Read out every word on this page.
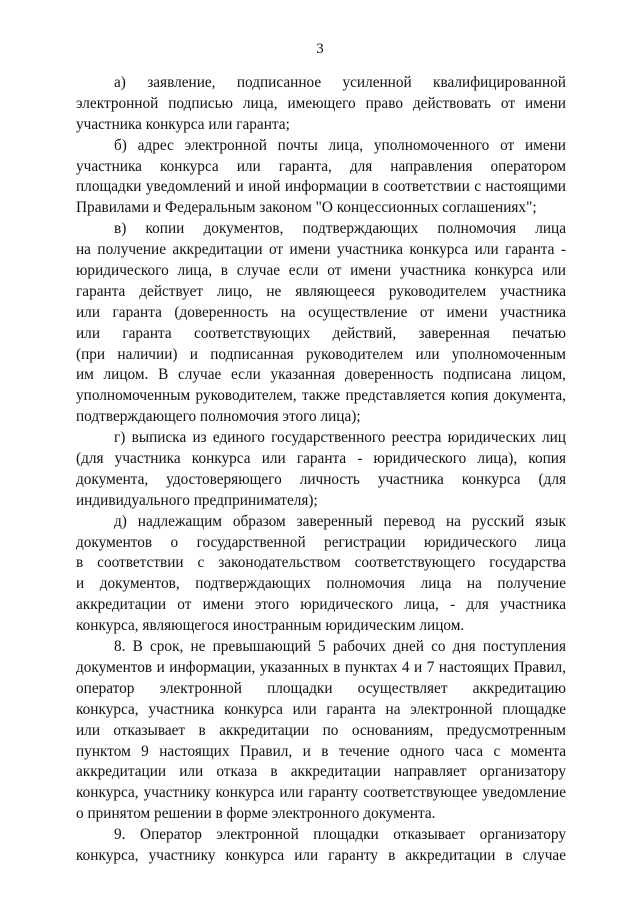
3
а) заявление, подписанное усиленной квалифицированной
электронной подписью лица, имеющего право действовать от имени
участника конкурса или гаранта;
б) адрес электронной почты лица, уполномоченного от имени
участника конкурса или гаранта, для направления оператором
площадки уведомлений и иной информации в соответствии с настоящими
Правилами и Федеральным законом "О концессионных соглашениях";
в) копии документов, подтверждающих полномочия лица
на получение аккредитации от имени участника конкурса или гаранта -
юридического лица, в случае если от имени участника конкурса или
гаранта действует лицо, не являющееся руководителем участника
или гаранта (доверенность на осуществление от имени участника
или гаранта соответствующих действий, заверенная печатью
(при наличии) и подписанная руководителем или уполномоченным
им лицом. В случае если указанная доверенность подписана лицом,
уполномоченным руководителем, также представляется копия документа,
подтверждающего полномочия этого лица);
г) выписка из единого государственного реестра юридических лиц
(для участника конкурса или гаранта - юридического лица), копия
документа, удостоверяющего личность участника конкурса (для
индивидуального предпринимателя);
д) надлежащим образом заверенный перевод на русский язык
документов о государственной регистрации юридического лица
в соответствии с законодательством соответствующего государства
и документов, подтверждающих полномочия лица на получение
аккредитации от имени этого юридического лица, - для участника
конкурса, являющегося иностранным юридическим лицом.
8. В срок, не превышающий 5 рабочих дней со дня поступления
документов и информации, указанных в пунктах 4 и 7 настоящих Правил,
оператор электронной площадки осуществляет аккредитацию
конкурса, участника конкурса или гаранта на электронной площадке
или отказывает в аккредитации по основаниям, предусмотренным
пунктом 9 настоящих Правил, и в течение одного часа с момента
аккредитации или отказа в аккредитации направляет организатору
конкурса, участнику конкурса или гаранту соответствующее уведомление
о принятом решении в форме электронного документа.
9. Оператор электронной площадки отказывает организатору
конкурса, участнику конкурса или гаранту в аккредитации в случае
